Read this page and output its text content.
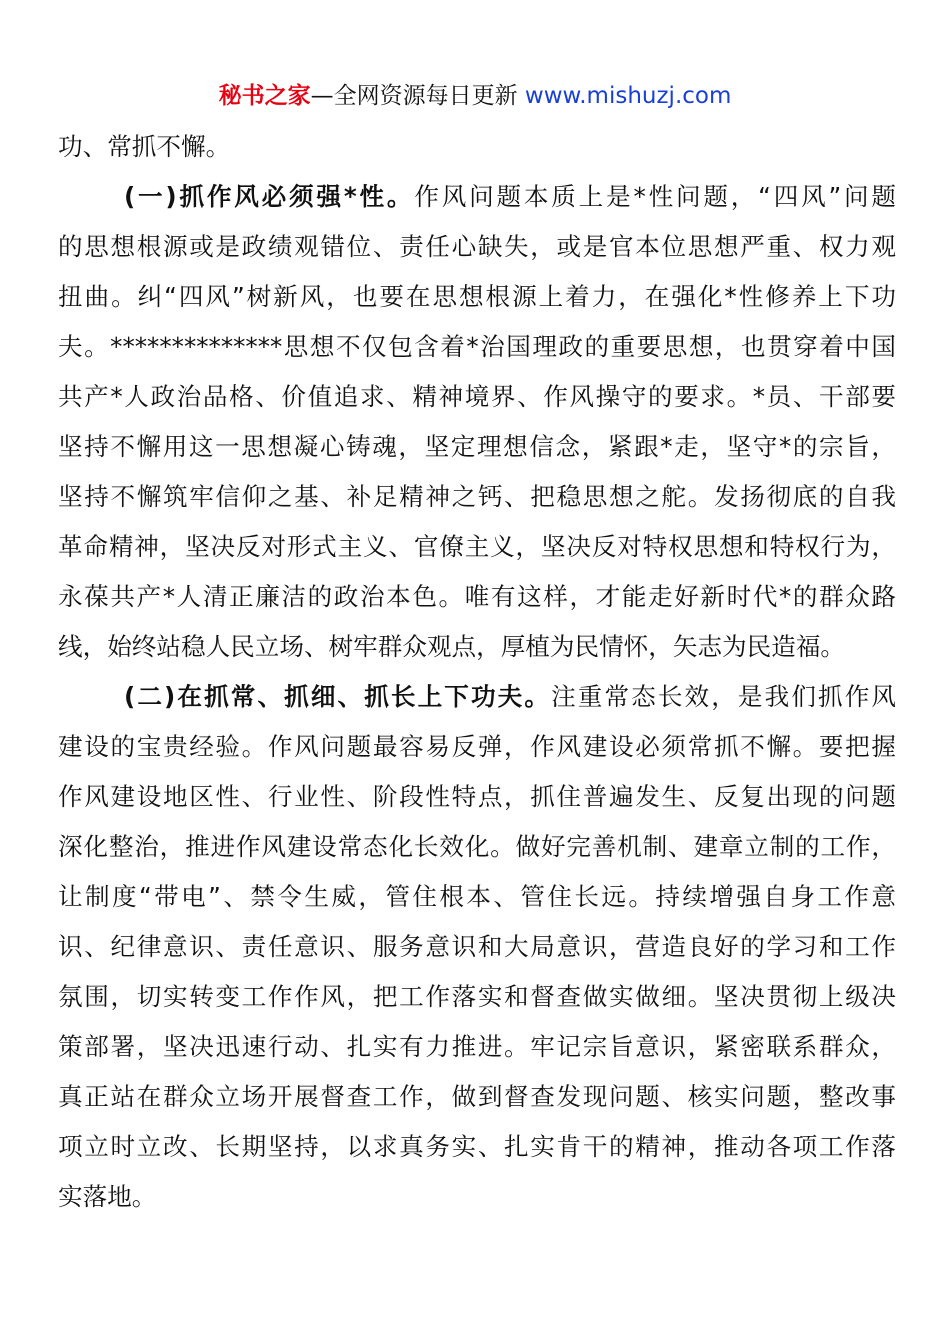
秘书之家—全网资源每日更新 www.mishuzj.com
功、常抓不懈。
(一)抓作风必须强*性。作风问题本质上是*性问题，“四风”问题
的思想根源或是政绩观错位、责任心缺失，或是官本位思想严重、权力观
扭曲。纠“四风”树新风，也要在思想根源上着力，在强化*性修养上下功
夫。**************思想不仅包含着*治国理政的重要思想，也贯穿着中国
共产*人政治品格、价值追求、精神境界、作风操守的要求。*员、干部要
坚持不懈用这一思想凝心铸魂，坚定理想信念，紧跟*走，坚守*的宗旨，
坚持不懈筑牢信仰之基、补足精神之钙、把稳思想之舵。发扬彻底的自我
革命精神，坚决反对形式主义、官僚主义，坚决反对特权思想和特权行为，
永葆共产*人清正廉洁的政治本色。唯有这样，才能走好新时代*的群众路
线，始终站稳人民立场、树牢群众观点，厚植为民情怀，矢志为民造福。
(二)在抓常、抓细、抓长上下功夫。注重常态长效，是我们抓作风
建设的宝贵经验。作风问题最容易反弹，作风建设必须常抓不懈。要把握
作风建设地区性、行业性、阶段性特点，抓住普遍发生、反复出现的问题
深化整治，推进作风建设常态化长效化。做好完善机制、建章立制的工作，
让制度“带电”、禁令生威，管住根本、管住长远。持续增强自身工作意
识、纪律意识、责任意识、服务意识和大局意识，营造良好的学习和工作
氛围，切实转变工作作风，把工作落实和督查做实做细。坚决贯彻上级决
策部署，坚决迅速行动、扎实有力推进。牢记宗旨意识，紧密联系群众，
真正站在群众立场开展督查工作，做到督查发现问题、核实问题，整改事
项立时立改、长期坚持，以求真务实、扎实肯干的精神，推动各项工作落
实落地。
